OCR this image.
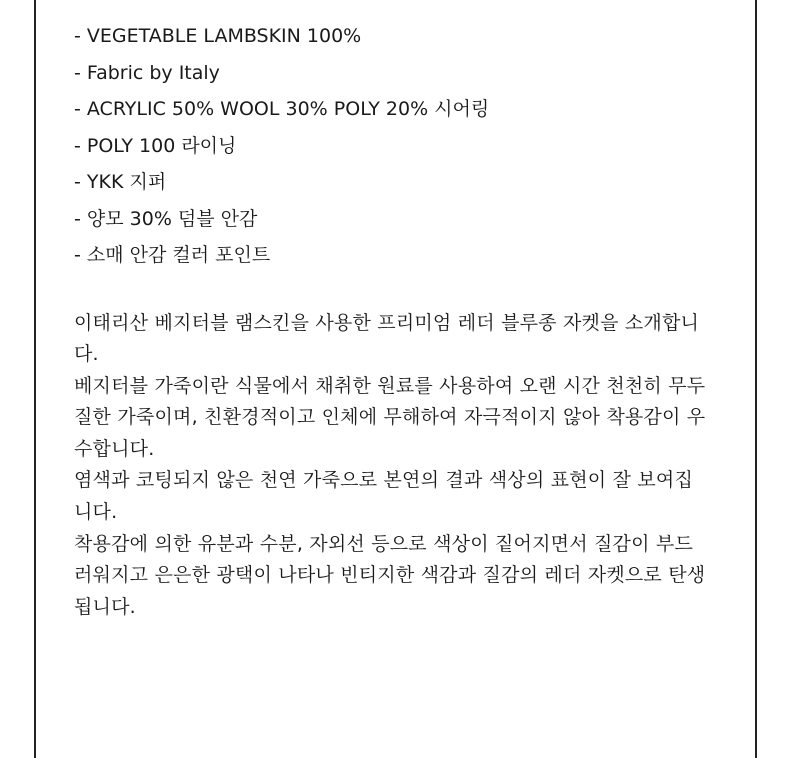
- VEGETABLE LAMBSKIN 100%
- Fabric by Italy
- ACRYLIC 50% WOOL 30% POLY 20% 시어링
- POLY 100 라이닝
- YKK 지퍼
- 양모 30% 덤블 안감
- 소매 안감 컬러 포인트

이태리산 베지터블 램스킨을 사용한 프리미엄 레더 블루종 자켓을 소개합니

다.

베지터블 가죽이란 식물에서 채취한 원료를 사용하여 오랜 시간 천천히 무두

질한 가죽이며, 친환경적이고 인체에 무해하여 자극적이지 않아 착용감이 우

수합니다.

염색과 코팅되지 않은 천연 가죽으로 본연의 결과 색상의 표현이 잘 보여집

니다.

착용감에 의한 유분과 수분, 자외선 등으로 색상이 짙어지면서 질감이 부드

러워지고 은은한 광택이 나타나 빈티지한 색감과 질감의 레더 자켓으로 탄생

됩니다.
